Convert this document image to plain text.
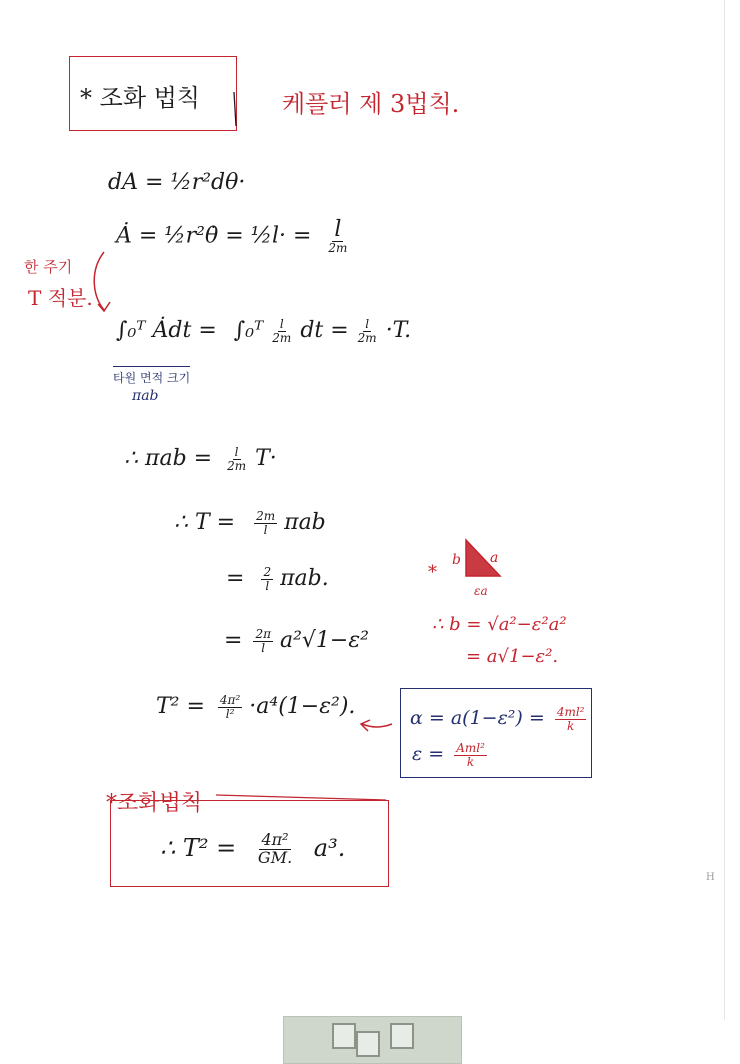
* 조화 법칙	케플러 제 3법칙.
dA = ½r²dθ·
Ȧ = ½r²θ̇ = ½l· = $\frac{l}{2m}$
한 주기
T 적분.
∫₀ᵀ Ȧdt = ∫₀ᵀ $\frac{l}{2m}$ dt = $\frac{l}{2m} \cdot T$.
타원 면적 크기
πab
∴ $\pi ab = \frac{l}{2m} T\cdot$
∴ $T = \frac{2m}{l}$ πab
= $\frac{2}{l} \pi ab$.
= $\frac{2\pi}{l} a^2√1-\varepsilon^2$
$T^2 = \frac{\text{4π²}}{\text{l²}} \cdot a^4(1-\varepsilon^2)$.
*
b a
εa
∴ b = √a²−ε²a²
= a√1−ε².
$\alpha = a(1-\varepsilon^2) = \frac{\text{4ml²}}{k}$
$\varepsilon = \frac{\text{Aml²}}{k}$
*조화법칙
∴ $T^2 = \frac{\text{4π²}}{GM.} a^3$.
H
